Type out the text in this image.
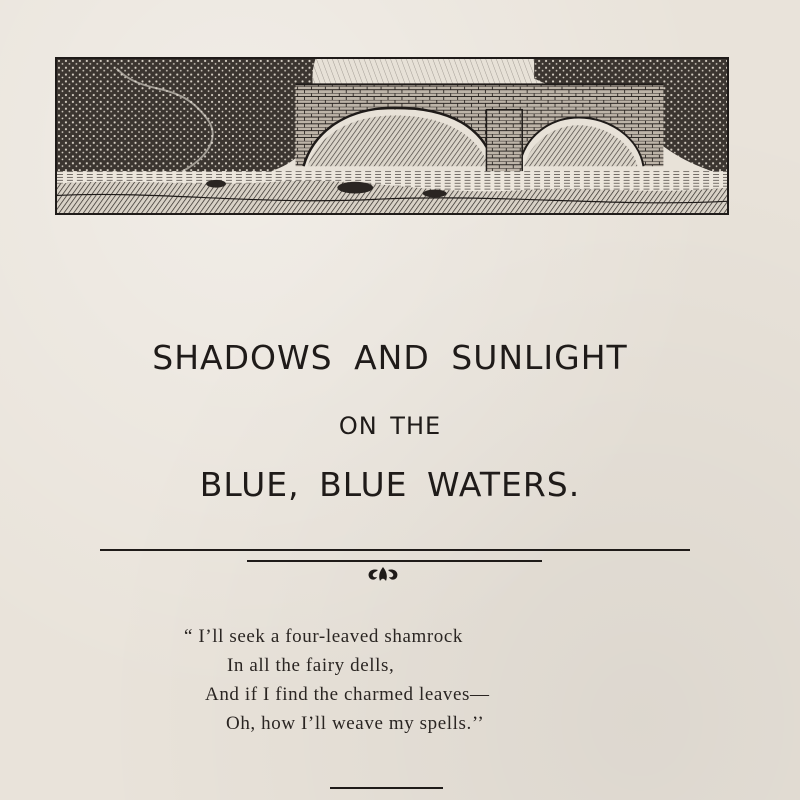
SHADOWS AND SUNLIGHT
ON THE
BLUE, BLUE WATERS.
“ I’ll seek a four-leaved shamrock
In all the fairy dells,
And if I find the charmed leaves—
Oh, how I’ll weave my spells.’’
